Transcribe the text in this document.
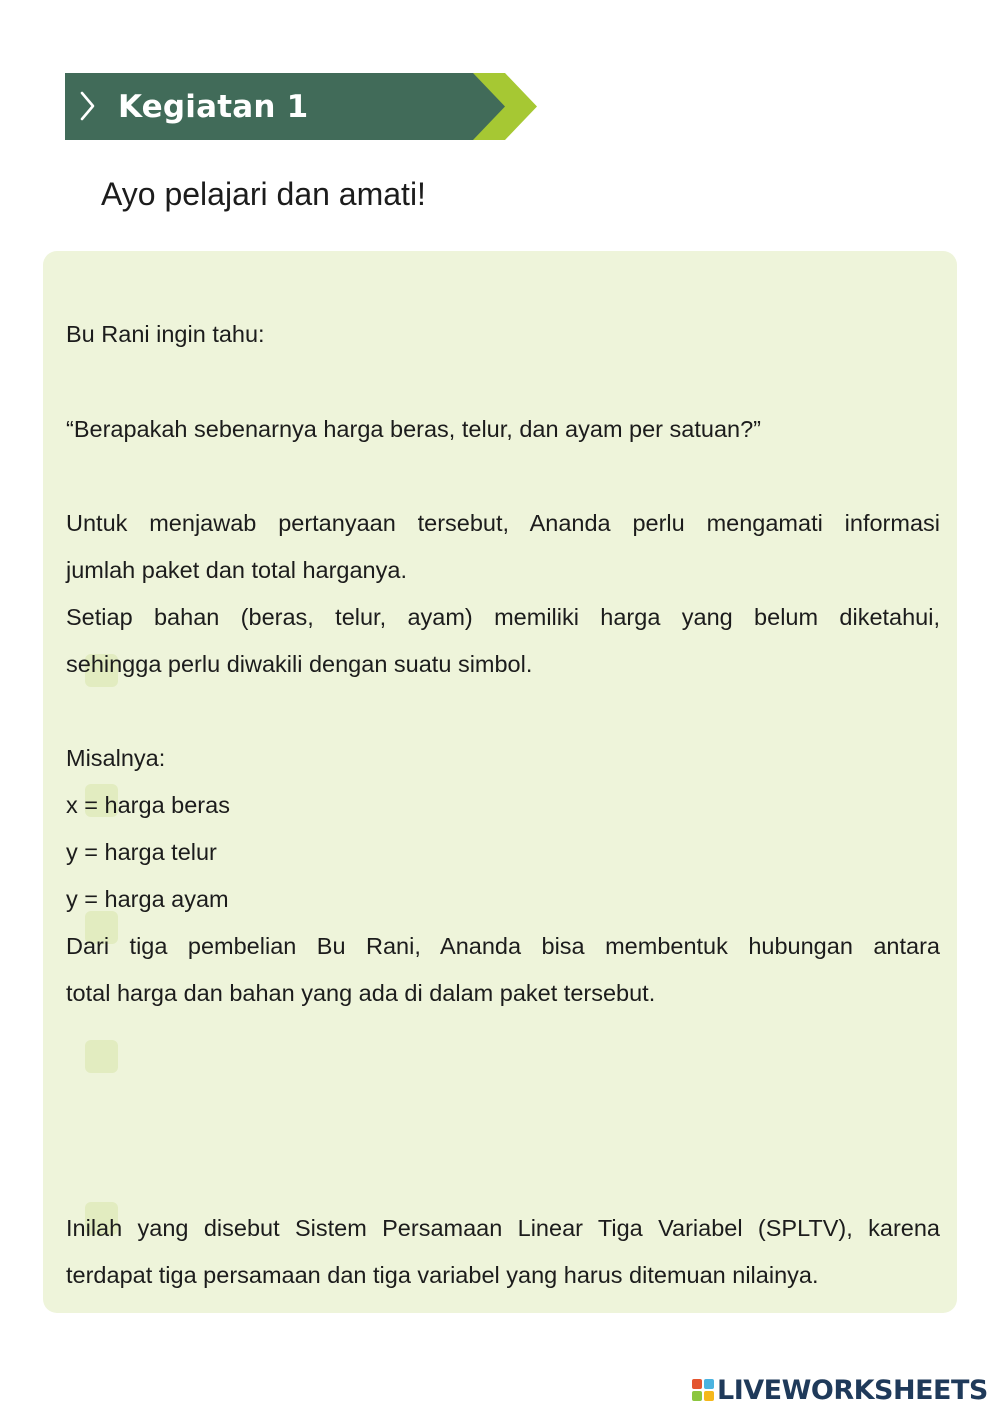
Kegiatan 1
Ayo pelajari dan amati!
Bu Rani ingin tahu:
“Berapakah sebenarnya harga beras, telur, dan ayam per satuan?”
Untuk menjawab pertanyaan tersebut, Ananda perlu mengamati informasi
jumlah paket dan total harganya.
Setiap bahan (beras, telur, ayam) memiliki harga yang belum diketahui,
sehingga perlu diwakili dengan suatu simbol.
Misalnya:
x = harga beras
y = harga telur
y = harga ayam
Dari tiga pembelian Bu Rani, Ananda bisa membentuk hubungan antara
total harga dan bahan yang ada di dalam paket tersebut.
Inilah yang disebut Sistem Persamaan Linear Tiga Variabel (SPLTV), karena
terdapat tiga persamaan dan tiga variabel yang harus ditemuan nilainya.
LIVEWORKSHEETS
